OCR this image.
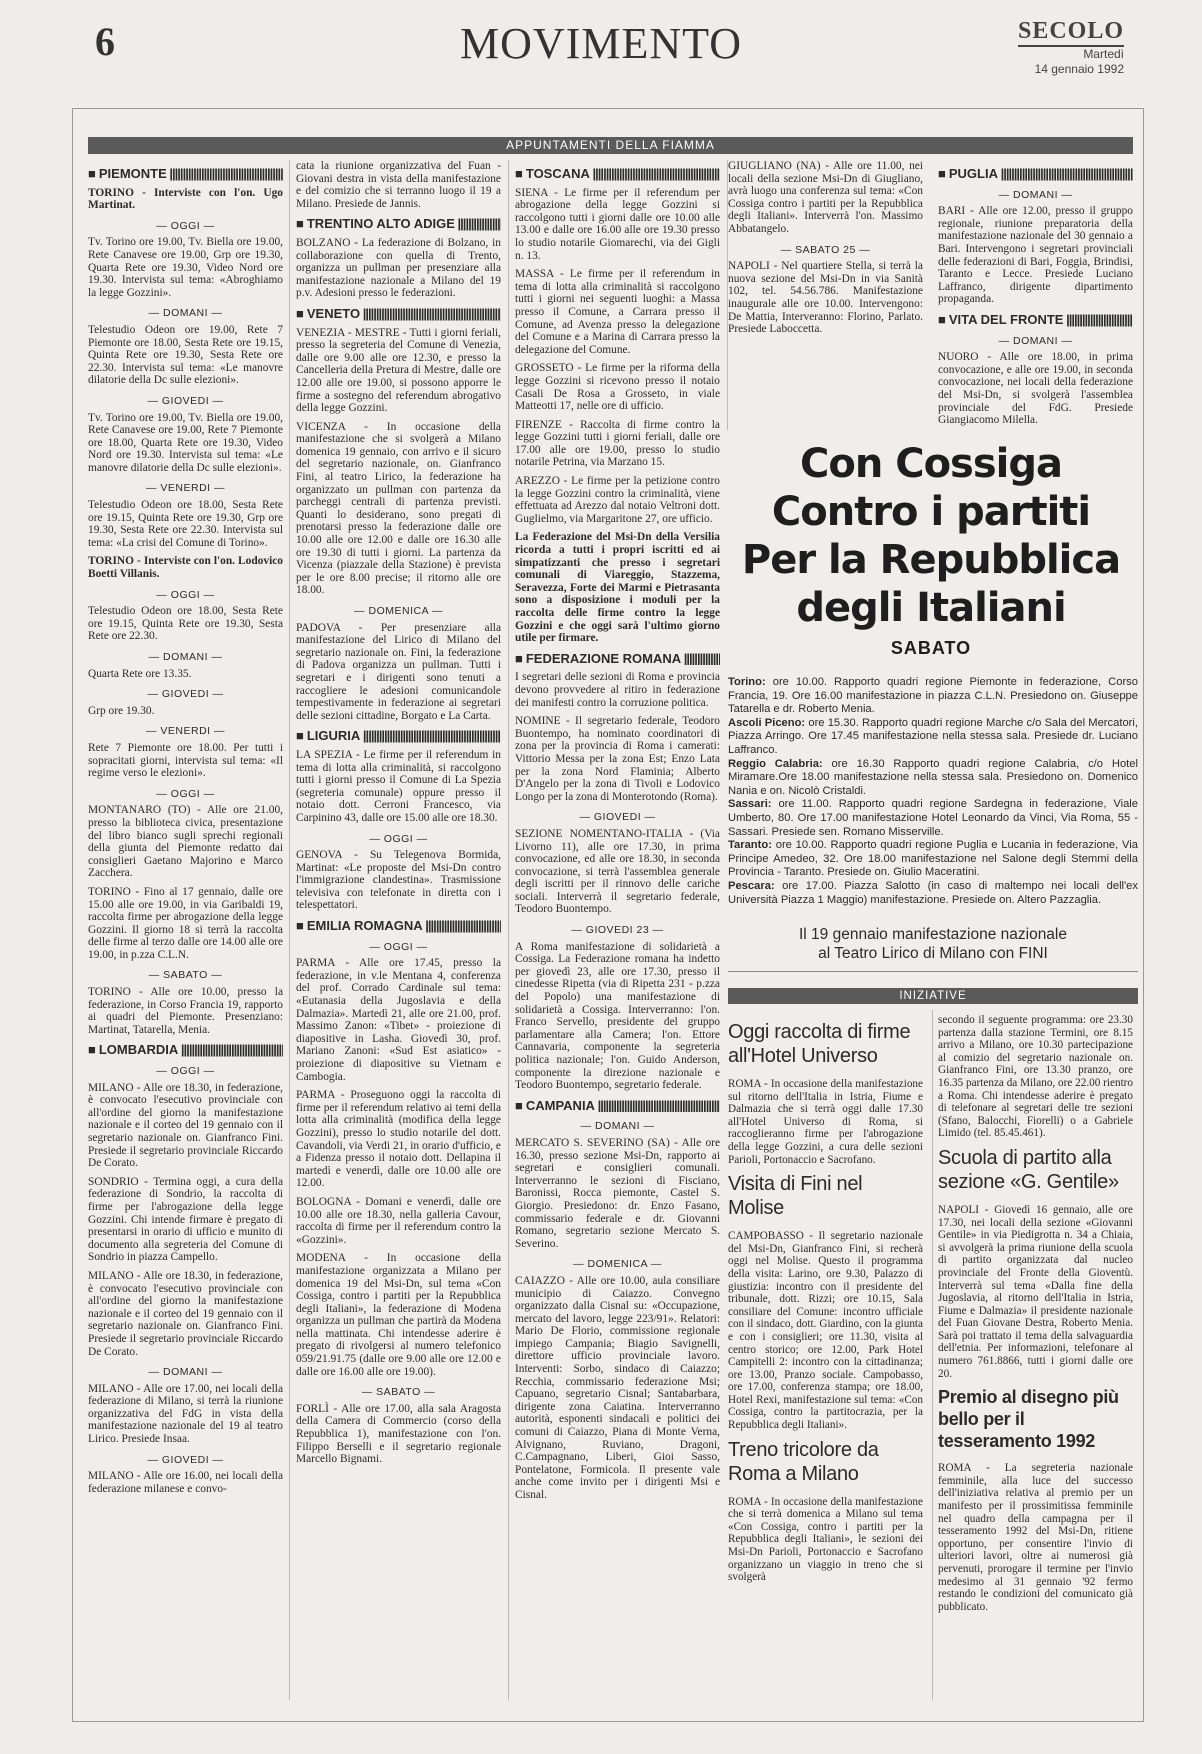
6	MOVIMENTO	SECOLO
Martedì
14 gennaio 1992
APPUNTAMENTI DELLA FIAMMA
■ PIEMONTE |||||||||||||||||||||||||||||||||||||||||||||||||||||||||||||||||||||||||||||

TORINO - Interviste con l'on. Ugo Martinat.

— OGGI —

Tv. Torino ore 19.00, Tv. Biella ore 19.00, Rete Canavese ore 19.00, Grp ore 19.30, Quarta Rete ore 19.30, Video Nord ore 19.30. Intervista sul tema: «Abroghiamo la legge Gozzini».

— DOMANI —

Telestudio Odeon ore 19.00, Rete 7 Piemonte ore 18.00, Sesta Rete ore 19.15, Quinta Rete ore 19.30, Sesta Rete ore 22.30. Intervista sul tema: «Le manovre dilatorie della Dc sulle elezioni».

— GIOVEDI —

Tv. Torino ore 19.00, Tv. Biella ore 19.00, Rete Canavese ore 19.00, Rete 7 Piemonte ore 18.00, Quarta Rete ore 19.30, Video Nord ore 19.30. Intervista sul tema: «Le manovre dilatorie della Dc sulle elezioni».

— VENERDI —

Telestudio Odeon ore 18.00, Sesta Rete ore 19.15, Quinta Rete ore 19.30, Grp ore 19.30, Sesta Rete ore 22.30. Intervista sul tema: «La crisi del Comune di Torino».

TORINO - Interviste con l'on. Lodovico Boetti Villanis.

— OGGI —

Telestudio Odeon ore 18.00, Sesta Rete ore 19.15, Quinta Rete ore 19.30, Sesta Rete ore 22.30.

— DOMANI —

Quarta Rete ore 13.35.

— GIOVEDI —

Grp ore 19.30.

— VENERDI —

Rete 7 Piemonte ore 18.00. Per tutti i sopracitati giorni, intervista sul tema: «Il regime verso le elezioni».

— OGGI —

MONTANARO (TO) - Alle ore 21.00, presso la biblioteca civica, presentazione del libro bianco sugli sprechi regionali della giunta del Piemonte redatto dai consiglieri Gaetano Majorino e Marco Zacchera.

TORINO - Fino al 17 gennaio, dalle ore 15.00 alle ore 19.00, in via Garibaldi 19, raccolta firme per abrogazione della legge Gozzini. Il giorno 18 si terrà la raccolta delle firme al terzo dalle ore 14.00 alle ore 19.00, in p.zza C.L.N.

— SABATO —

TORINO - Alle ore 10.00, presso la federazione, in Corso Francia 19, rapporto ai quadri del Piemonte. Presenziano: Martinat, Tatarella, Menia.

■ LOMBARDIA |||||||||||||||||||||||||||||||||||||||||||||||||||||||||||||||||||||||||||||
— OGGI —

MILANO - Alle ore 18.30, in federazione, è convocato l'esecutivo provinciale con all'ordine del giorno la manifestazione nazionale e il corteo del 19 gennaio con il segretario nazionale on. Gianfranco Fini. Presiede il segretario provinciale Riccardo De Corato.

SONDRIO - Termina oggi, a cura della federazione di Sondrio, la raccolta di firme per l'abrogazione della legge Gozzini. Chi intende firmare è pregato di presentarsi in orario di ufficio e munito di documento alla segreteria del Comune di Sondrio in piazza Campello.

MILANO - Alle ore 18.30, in federazione, è convocato l'esecutivo provinciale con all'ordine del giorno la manifestazione nazionale e il corteo del 19 gennaio con il segretario nazionale on. Gianfranco Fini. Presiede il segretario provinciale Riccardo De Corato.

— DOMANI —

MILANO - Alle ore 17.00, nei locali della federazione di Milano, si terrà la riunione organizzativa del FdG in vista della manifestazione nazionale del 19 al teatro Lirico. Presiede Insaa.

— GIOVEDI —

MILANO - Alle ore 16.00, nei locali della federazione milanese e convo-

cata la riunione organizzativa del Fuan - Giovani destra in vista della manifestazione e del comizio che si terranno luogo il 19 a Milano. Presiede de Jannis.

■ TRENTINO ALTO ADIGE |||||||||||||||||||||||||||||||||||||||||||||||||||||||||||||||||||||||||||||

BOLZANO - La federazione di Bolzano, in collaborazione con quella di Trento, organizza un pullman per presenziare alla manifestazione nazionale a Milano del 19 p.v. Adesioni presso le federazioni.

■ VENETO |||||||||||||||||||||||||||||||||||||||||||||||||||||||||||||||||||||||||||||

VENEZIA - MESTRE - Tutti i giorni feriali, presso la segreteria del Comune di Venezia, dalle ore 9.00 alle ore 12.30, e presso la Cancelleria della Pretura di Mestre, dalle ore 12.00 alle ore 19.00, si possono apporre le firme a sostegno del referendum abrogativo della legge Gozzini.

VICENZA - In occasione della manifestazione che si svolgerà a Milano domenica 19 gennaio, con arrivo e il sicuro del segretario nazionale, on. Gianfranco Fini, al teatro Lirico, la federazione ha organizzato un pullman con partenza da parcheggi centrali di partenza previsti. Quanti lo desiderano, sono pregati di prenotarsi presso la federazione dalle ore 10.00 alle ore 12.00 e dalle ore 16.30 alle ore 19.30 di tutti i giorni. La partenza da Vicenza (piazzale della Stazione) è prevista per le ore 8.00 precise; il ritorno alle ore 18.00.

— DOMENICA —

PADOVA - Per presenziare alla manifestazione del Lirico di Milano del segretario nazionale on. Fini, la federazione di Padova organizza un pullman. Tutti i segretari e i dirigenti sono tenuti a raccogliere le adesioni comunicandole tempestivamente in federazione ai segretari delle sezioni cittadine, Borgato e La Carta.

■ LIGURIA |||||||||||||||||||||||||||||||||||||||||||||||||||||||||||||||||||||||||||||

LA SPEZIA - Le firme per il referendum in tema di lotta alla criminalità, si raccolgono tutti i giorni presso il Comune di La Spezia (segreteria comunale) oppure presso il notaio dott. Cerroni Francesco, via Carpinino 43, dalle ore 15.00 alle ore 18.30.

— OGGI —

GENOVA - Su Telegenova Bormida, Martinat: «Le proposte del Msi-Dn contro l'immigrazione clandestina». Trasmissione televisiva con telefonate in diretta con i telespettatori.

■ EMILIA ROMAGNA |||||||||||||||||||||||||||||||||||||||||||||||||||||||||||||||||||||||||||||
— OGGI —

PARMA - Alle ore 17.45, presso la federazione, in v.le Mentana 4, conferenza del prof. Corrado Cardinale sul tema: «Eutanasia della Jugoslavia e della Dalmazia». Martedì 21, alle ore 21.00, prof. Massimo Zanon: «Tibet» - proiezione di diapositive in Lasha. Giovedì 30, prof. Mariano Zanoni: «Sud Est asiatico» - proiezione di diapositive su Vietnam e Cambogia.

PARMA - Proseguono oggi la raccolta di firme per il referendum relativo ai temi della lotta alla criminalità (modifica della legge Gozzini), presso lo studio notarile del dott. Cavandoli, via Verdi 21, in orario d'ufficio, e a Fidenza presso il notaio dott. Dellapina il martedì e venerdì, dalle ore 10.00 alle ore 12.00.

BOLOGNA - Domani e venerdì, dalle ore 10.00 alle ore 18.30, nella galleria Cavour, raccolta di firme per il referendum contro la «Gozzini».

MODENA - In occasione della manifestazione organizzata a Milano per domenica 19 del Msi-Dn, sul tema «Con Cossiga, contro i partiti per la Repubblica degli Italiani», la federazione di Modena organizza un pullman che partirà da Modena nella mattinata. Chi intendesse aderire è pregato di rivolgersi al numero telefonico 059/21.91.75 (dalle ore 9.00 alle ore 12.00 e dalle ore 16.00 alle ore 19.00).

— SABATO —

FORLÌ - Alle ore 17.00, alla sala Aragosta della Camera di Commercio (corso della Repubblica 1), manifestazione con l'on. Filippo Berselli e il segretario regionale Marcello Bignami.

■ TOSCANA |||||||||||||||||||||||||||||||||||||||||||||||||||||||||||||||||||||||||||||

SIENA - Le firme per il referendum per abrogazione della legge Gozzini si raccolgono tutti i giorni dalle ore 10.00 alle 13.00 e dalle ore 16.00 alle ore 19.30 presso lo studio notarile Giomarechi, via dei Gigli n. 13.

MASSA - Le firme per il referendum in tema di lotta alla criminalità si raccolgono tutti i giorni nei seguenti luoghi: a Massa presso il Comune, a Carrara presso il Comune, ad Avenza presso la delegazione del Comune e a Marina di Carrara presso la delegazione del Comune.

GROSSETO - Le firme per la riforma della legge Gozzini si ricevono presso il notaio Casali De Rosa a Grosseto, in viale Matteotti 17, nelle ore di ufficio.

FIRENZE - Raccolta di firme contro la legge Gozzini tutti i giorni feriali, dalle ore 17.00 alle ore 19.00, presso lo studio notarile Petrina, via Marzano 15.

AREZZO - Le firme per la petizione contro la legge Gozzini contro la criminalità, viene effettuata ad Arezzo dal notaio Veltroni dott. Guglielmo, via Margaritone 27, ore ufficio.

La Federazione del Msi-Dn della Versilia ricorda a tutti i propri iscritti ed ai simpatizzanti che presso i segretari comunali di Viareggio, Stazzema, Seravezza, Forte dei Marmi e Pietrasanta sono a disposizione i moduli per la raccolta delle firme contro la legge Gozzini e che oggi sarà l'ultimo giorno utile per firmare.

■ FEDERAZIONE ROMANA |||||||||||||||||||||||||||||||||||||||||||||||||||||||||||||||||||||||||||||

I segretari delle sezioni di Roma e provincia devono provvedere al ritiro in federazione dei manifesti contro la corruzione politica.

NOMINE - Il segretario federale, Teodoro Buontempo, ha nominato coordinatori di zona per la provincia di Roma i camerati: Vittorio Messa per la zona Est; Enzo Lata per la zona Nord Flaminia; Alberto D'Angelo per la zona di Tivoli e Lodovico Longo per la zona di Monterotondo (Roma).

— GIOVEDI —

SEZIONE NOMENTANO-ITALIA - (Via Livorno 11), alle ore 17.30, in prima convocazione, ed alle ore 18.30, in seconda convocazione, si terrà l'assemblea generale degli iscritti per il rinnovo delle cariche sociali. Interverrà il segretario federale, Teodoro Buontempo.

— GIOVEDI 23 —

A Roma manifestazione di solidarietà a Cossiga. La Federazione romana ha indetto per giovedì 23, alle ore 17.30, presso il cinedesse Ripetta (via di Ripetta 231 - p.zza del Popolo) una manifestazione di solidarietà a Cossiga. Interverranno: l'on. Franco Servello, presidente del gruppo parlamentare alla Camera; l'on. Ettore Cannavaria, componente la segreteria politica nazionale; l'on. Guido Anderson, componente la direzione nazionale e Teodoro Buontempo, segretario federale.

■ CAMPANIA |||||||||||||||||||||||||||||||||||||||||||||||||||||||||||||||||||||||||||||
— DOMANI —

MERCATO S. SEVERINO (SA) - Alle ore 16.30, presso sezione Msi-Dn, rapporto ai segretari e consiglieri comunali. Interverranno le sezioni di Fisciano, Baronissi, Rocca piemonte, Castel S. Giorgio. Presiedono: dr. Enzo Fasano, commissario federale e dr. Giovanni Romano, segretario sezione Mercato S. Severino.

— DOMENICA —

CAIAZZO - Alle ore 10.00, aula consiliare municipio di Caiazzo. Convegno organizzato dalla Cisnal su: «Occupazione, mercato del lavoro, legge 223/91». Relatori: Mario De Florio, commissione regionale impiego Campania; Biagio Savignelli, direttore ufficio provinciale lavoro. Interventi: Sorbo, sindaco di Caiazzo; Recchia, commissario federazione Msi; Capuano, segretario Cisnal; Santabarbara, dirigente zona Caiatina. Interverranno autorità, esponenti sindacali e politici dei comuni di Caiazzo, Piana di Monte Verna, Alvignano, Ruviano, Dragoni, C.Campagnano, Liberi, Gioi Sasso, Pontelatone, Formicola. Il presente vale anche come invito per i dirigenti Msi e Cisnal.

GIUGLIANO (NA) - Alle ore 11.00, nei locali della sezione Msi-Dn di Giugliano, avrà luogo una conferenza sul tema: «Con Cossiga contro i partiti per la Repubblica degli Italiani». Interverrà l'on. Massimo Abbatangelo.

— SABATO 25 —

NAPOLI - Nel quartiere Stella, si terrà la nuova sezione del Msi-Dn in via Sanità 102, tel. 54.56.786. Manifestazione inaugurale alle ore 10.00. Intervengono: De Mattia, Interveranno: Florino, Parlato. Presiede Laboccetta.

■ PUGLIA |||||||||||||||||||||||||||||||||||||||||||||||||||||||||||||||||||||||||||||
— DOMANI —

BARI - Alle ore 12.00, presso il gruppo regionale, riunione preparatoria della manifestazione nazionale del 30 gennaio a Bari. Intervengono i segretari provinciali delle federazioni di Bari, Foggia, Brindisi, Taranto e Lecce. Presiede Luciano Laffranco, dirigente dipartimento propaganda.

■ VITA DEL FRONTE |||||||||||||||||||||||||||||||||||||||||||||||||||||||||||||||||||||||||||||
— DOMANI —

NUORO - Alle ore 18.00, in prima convocazione, e alle ore 19.00, in seconda convocazione, nei locali della federazione del Msi-Dn, si svolgerà l'assemblea provinciale del FdG. Presiede Giangiacomo Milella.

Con Cossiga
Contro i partiti
Per la Repubblica
degli Italiani
SABATO
Torino: ore 10.00. Rapporto quadri regione Piemonte in federazione, Corso Francia, 19. Ore 16.00 manifestazione in piazza C.L.N. Presiedono on. Giuseppe Tatarella e dr. Roberto Menia.
Ascoli Piceno: ore 15.30. Rapporto quadri regione Marche c/o Sala del Mercatori, Piazza Arringo. Ore 17.45 manifestazione nella stessa sala. Presiede dr. Luciano Laffranco.
Reggio Calabria: ore 16.30 Rapporto quadri regione Calabria, c/o Hotel Miramare.Ore 18.00 manifestazione nella stessa sala. Presiedono on. Domenico Nania e on. Nicolò Cristaldi.
Sassari: ore 11.00. Rapporto quadri regione Sardegna in federazione, Viale Umberto, 80. Ore 17.00 manifestazione Hotel Leonardo da Vinci, Via Roma, 55 - Sassari. Presiede sen. Romano Misserville.
Taranto: ore 10.00. Rapporto quadri regione Puglia e Lucania in federazione, Via Principe Amedeo, 32. Ore 18.00 manifestazione nel Salone degli Stemmi della Provincia - Taranto. Presiede on. Giulio Maceratini.
Pescara: ore 17.00. Piazza Salotto (in caso di maltempo nei locali dell'ex Università Piazza 1 Maggio) manifestazione. Presiede on. Altero Pazzaglia.
Il 19 gennaio manifestazione nazionale
al Teatro Lirico di Milano con FINI
INIZIATIVE
Oggi raccolta di firme all'Hotel Universo

ROMA - In occasione della manifestazione sul ritorno dell'Italia in Istria, Fiume e Dalmazia che si terrà oggi dalle 17.30 all'Hotel Universo di Roma, si raccoglieranno firme per l'abrogazione della legge Gozzini, a cura delle sezioni Parioli, Portonaccio e Sacrofano.

Visita di Fini nel Molise

CAMPOBASSO - Il segretario nazionale del Msi-Dn, Gianfranco Fini, si recherà oggi nel Molise. Questo il programma della visita: Larino, ore 9.30, Palazzo di giustizia: incontro con il presidente del tribunale, dott. Rizzi; ore 10.15, Sala consiliare del Comune: incontro ufficiale con il sindaco, dott. Giardino, con la giunta e con i consiglieri; ore 11.30, visita al centro storico; ore 12.00, Park Hotel Campitelli 2: incontro con la cittadinanza; ore 13.00, Pranzo sociale. Campobasso, ore 17.00, conferenza stampa; ore 18.00, Hotel Rexi, manifestazione sul tema: «Con Cossiga, contro la partitocrazia, per la Repubblica degli Italiani».

Treno tricolore da Roma a Milano

ROMA - In occasione della manifestazione che si terrà domenica a Milano sul tema «Con Cossiga, contro i partiti per la Repubblica degli Italiani», le sezioni dei Msi-Dn Parioli, Portonaccio e Sacrofano organizzano un viaggio in treno che si svolgerà

secondo il seguente programma: ore 23.30 partenza dalla stazione Termini, ore 8.15 arrivo a Milano, ore 10.30 partecipazione al comizio del segretario nazionale on. Gianfranco Fini, ore 13.30 pranzo, ore 16.35 partenza da Milano, ore 22.00 rientro a Roma. Chi intendesse aderire è pregato di telefonare al segretari delle tre sezioni (Sfano, Balocchi, Fiorelli) o a Gabriele Limido (tel. 85.45.461).

Scuola di partito alla sezione «G. Gentile»

NAPOLI - Giovedì 16 gennaio, alle ore 17.30, nei locali della sezione «Giovanni Gentile» in via Piedigrotta n. 34 a Chiaia, si avvolgerà la prima riunione della scuola di partito organizzata dal nucleo provinciale del Fronte della Gioventù. Interverrà sul tema «Dalla fine della Jugoslavia, al ritorno dell'Italia in Istria, Fiume e Dalmazia» il presidente nazionale del Fuan Giovane Destra, Roberto Menia. Sarà poi trattato il tema della salvaguardia dell'etnia. Per informazioni, telefonare al numero 761.8866, tutti i giorni dalle ore 20.

Premio al disegno più bello per il tesseramento 1992

ROMA - La segreteria nazionale femminile, alla luce del successo dell'iniziativa relativa al premio per un manifesto per il prossimitissa femminile nel quadro della campagna per il tesseramento 1992 del Msi-Dn, ritiene opportuno, per consentire l'invio di ulteriori lavori, oltre ai numerosi già pervenuti, prorogare il termine per l'invio medesimo al 31 gennaio '92 fermo restando le condizioni del comunicato già pubblicato.
